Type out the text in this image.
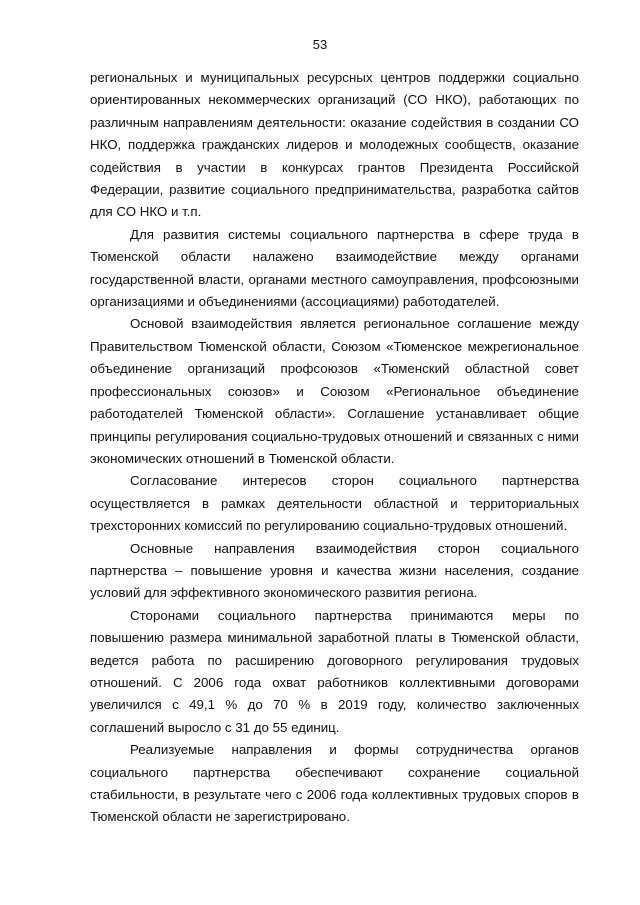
53

региональных и муниципальных ресурсных центров поддержки социально ориентированных некоммерческих организаций (СО НКО), работающих по различным направлениям деятельности: оказание содействия в создании СО НКО, поддержка гражданских лидеров и молодежных сообществ, оказание содействия в участии в конкурсах грантов Президента Российской Федерации, развитие социального предпринимательства, разработка сайтов для СО НКО и т.п.

Для развития системы социального партнерства в сфере труда в Тюменской области налажено взаимодействие между органами государственной власти, органами местного самоуправления, профсоюзными организациями и объединениями (ассоциациями) работодателей.

Основой взаимодействия является региональное соглашение между Правительством Тюменской области, Союзом «Тюменское межрегиональное объединение организаций профсоюзов «Тюменский областной совет профессиональных союзов» и Союзом «Региональное объединение работодателей Тюменской области». Соглашение устанавливает общие принципы регулирования социально-трудовых отношений и связанных с ними экономических отношений в Тюменской области.

Согласование интересов сторон социального партнерства осуществляется в рамках деятельности областной и территориальных трехсторонних комиссий по регулированию социально-трудовых отношений.

Основные направления взаимодействия сторон социального партнерства – повышение уровня и качества жизни населения, создание условий для эффективного экономического развития региона.

Сторонами социального партнерства принимаются меры по повышению размера минимальной заработной платы в Тюменской области, ведется работа по расширению договорного регулирования трудовых отношений. С 2006 года охват работников коллективными договорами увеличился с 49,1 % до 70 % в 2019 году, количество заключенных соглашений выросло с 31 до 55 единиц.

Реализуемые направления и формы сотрудничества органов социального партнерства обеспечивают сохранение социальной стабильности, в результате чего с 2006 года коллективных трудовых споров в Тюменской области не зарегистрировано.
